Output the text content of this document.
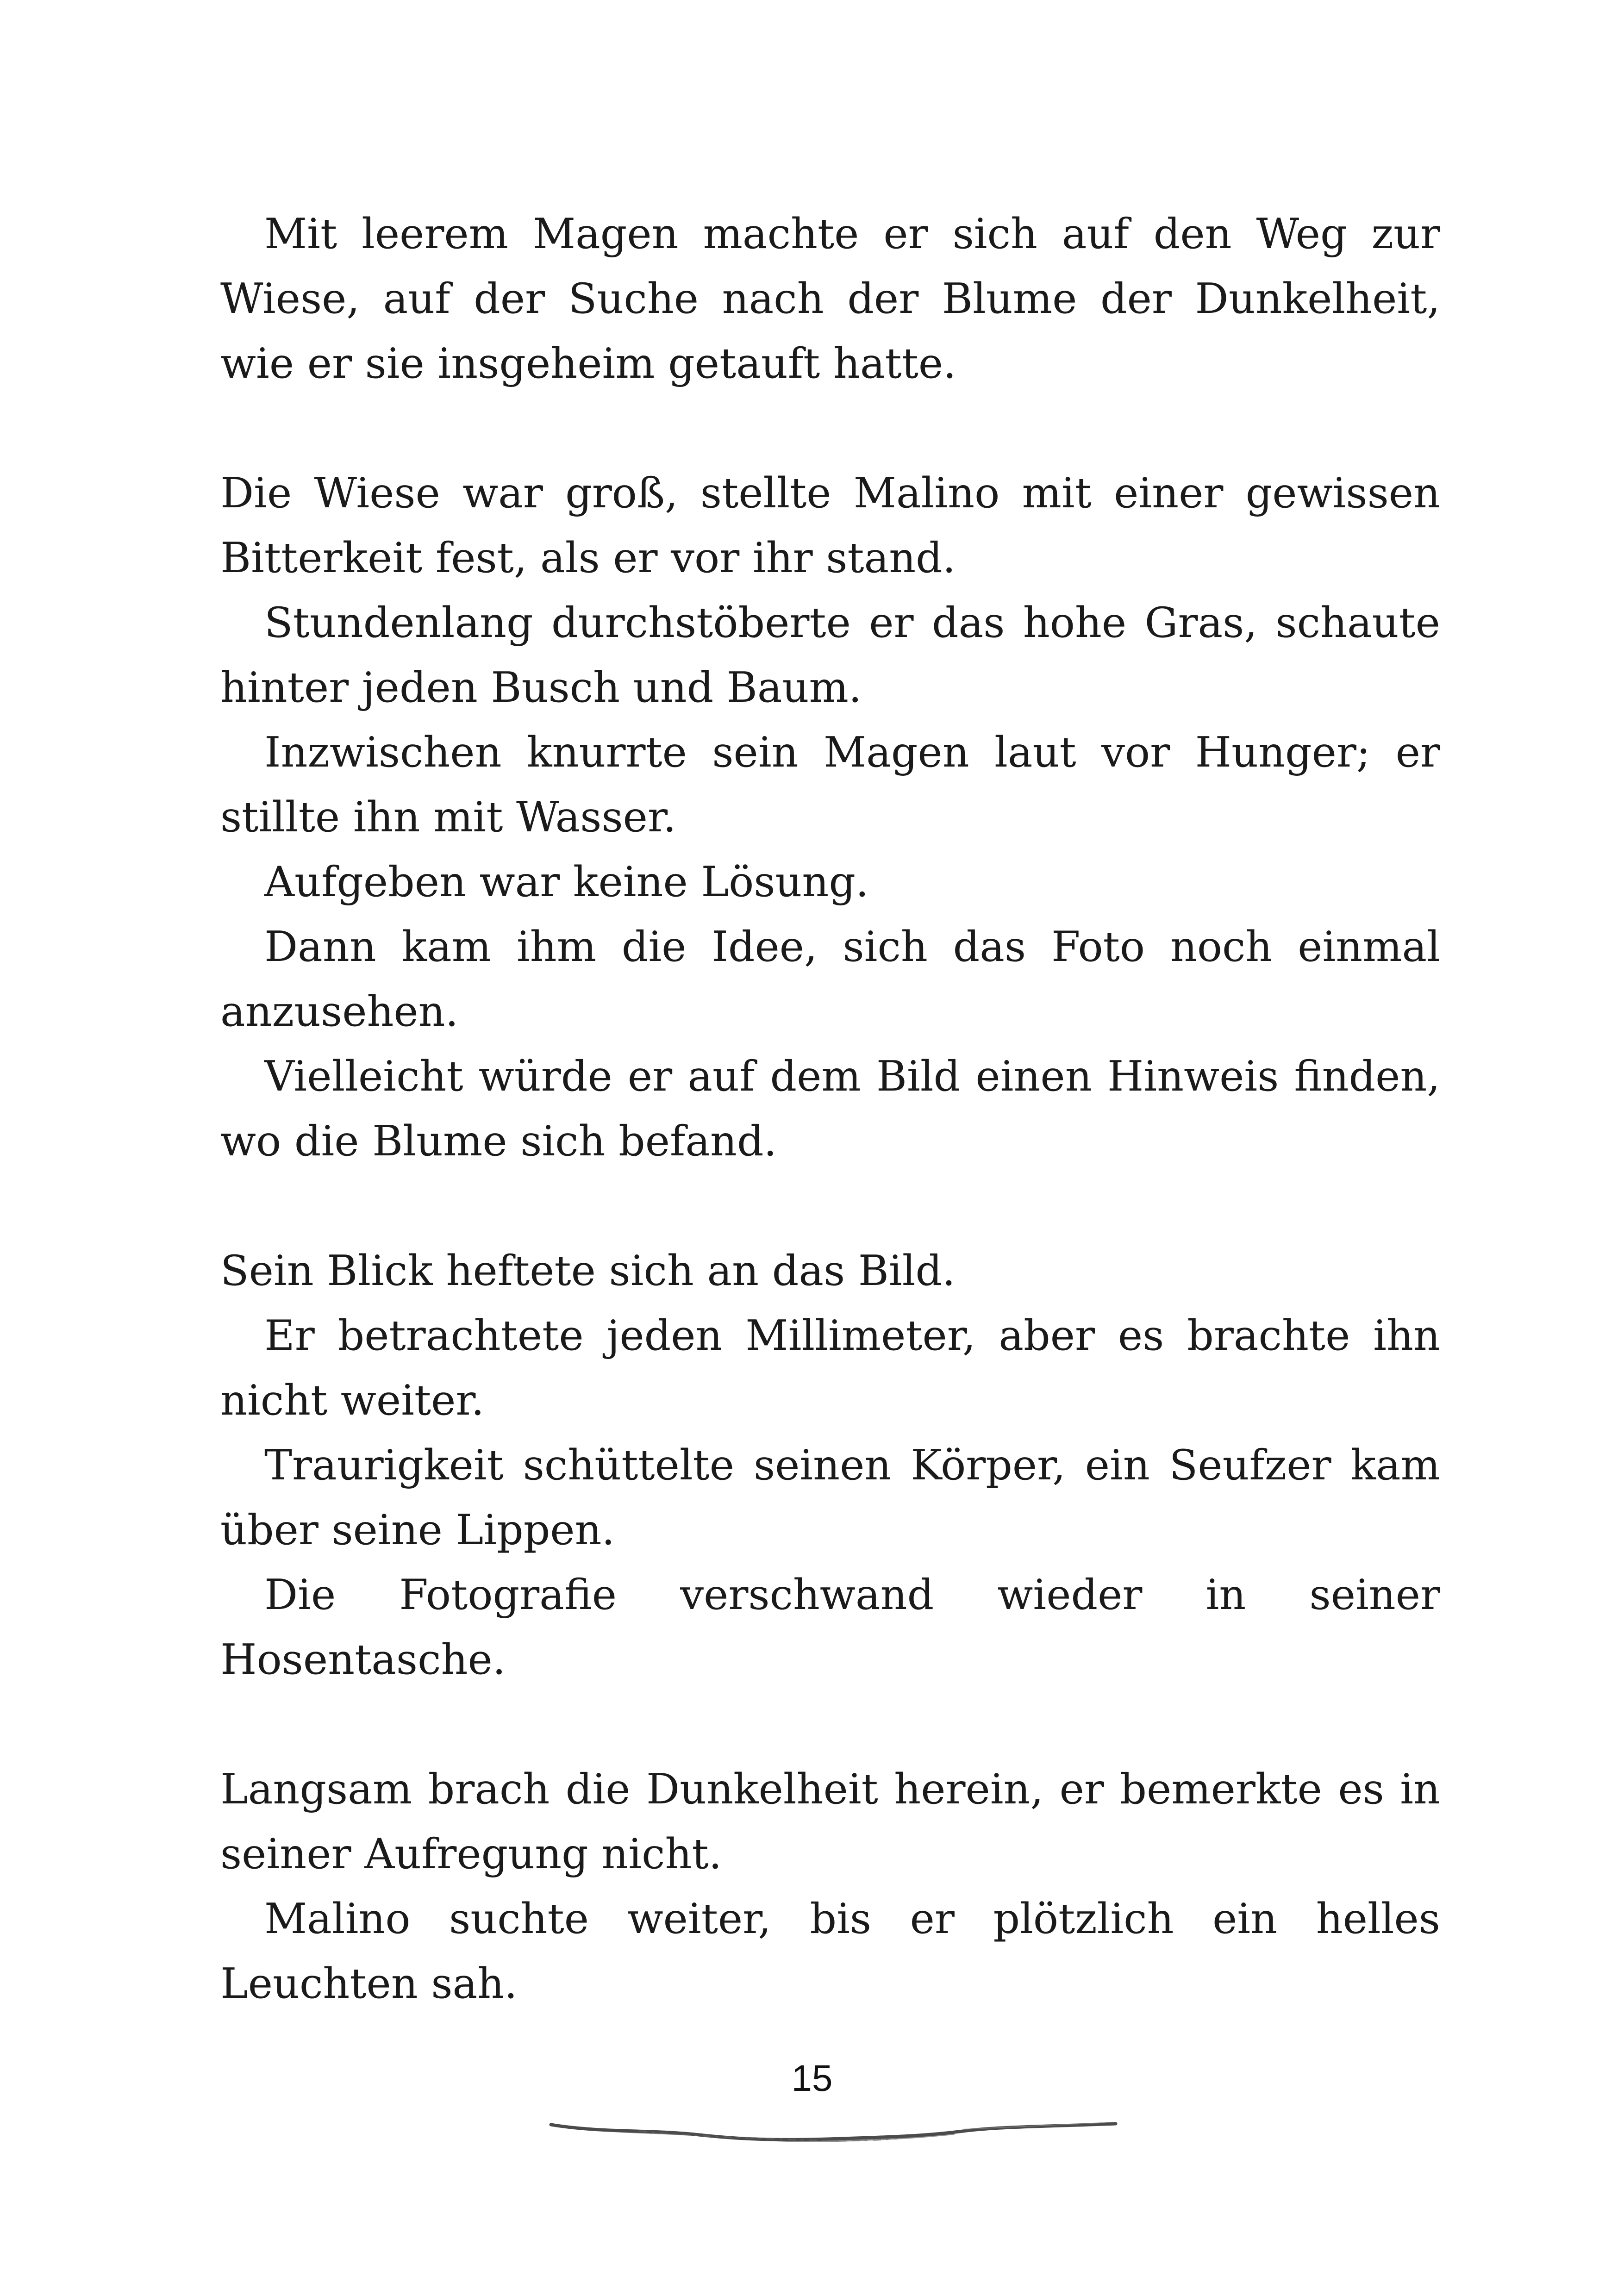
Mit leerem Magen machte er sich auf den Weg zur Wiese, auf der Suche nach der Blume der Dunkelheit, wie er sie insgeheim getauft hatte.

Die Wiese war groß, stellte Malino mit einer gewissen Bitterkeit fest, als er vor ihr stand.

Stundenlang durchstöberte er das hohe Gras, schaute hinter jeden Busch und Baum.

Inzwischen knurrte sein Magen laut vor Hunger; er stillte ihn mit Wasser.

Aufgeben war keine Lösung.

Dann kam ihm die Idee, sich das Foto noch einmal anzusehen.

Vielleicht würde er auf dem Bild einen Hinweis finden, wo die Blume sich befand.

Sein Blick heftete sich an das Bild.

Er betrachtete jeden Millimeter, aber es brachte ihn nicht weiter.

Traurigkeit schüttelte seinen Körper, ein Seufzer kam über seine Lippen.

Die Fotografie verschwand wieder in seiner Hosentasche.

Langsam brach die Dunkelheit herein, er bemerkte es in seiner Aufregung nicht.

Malino suchte weiter, bis er plötzlich ein helles Leuchten sah.

15
